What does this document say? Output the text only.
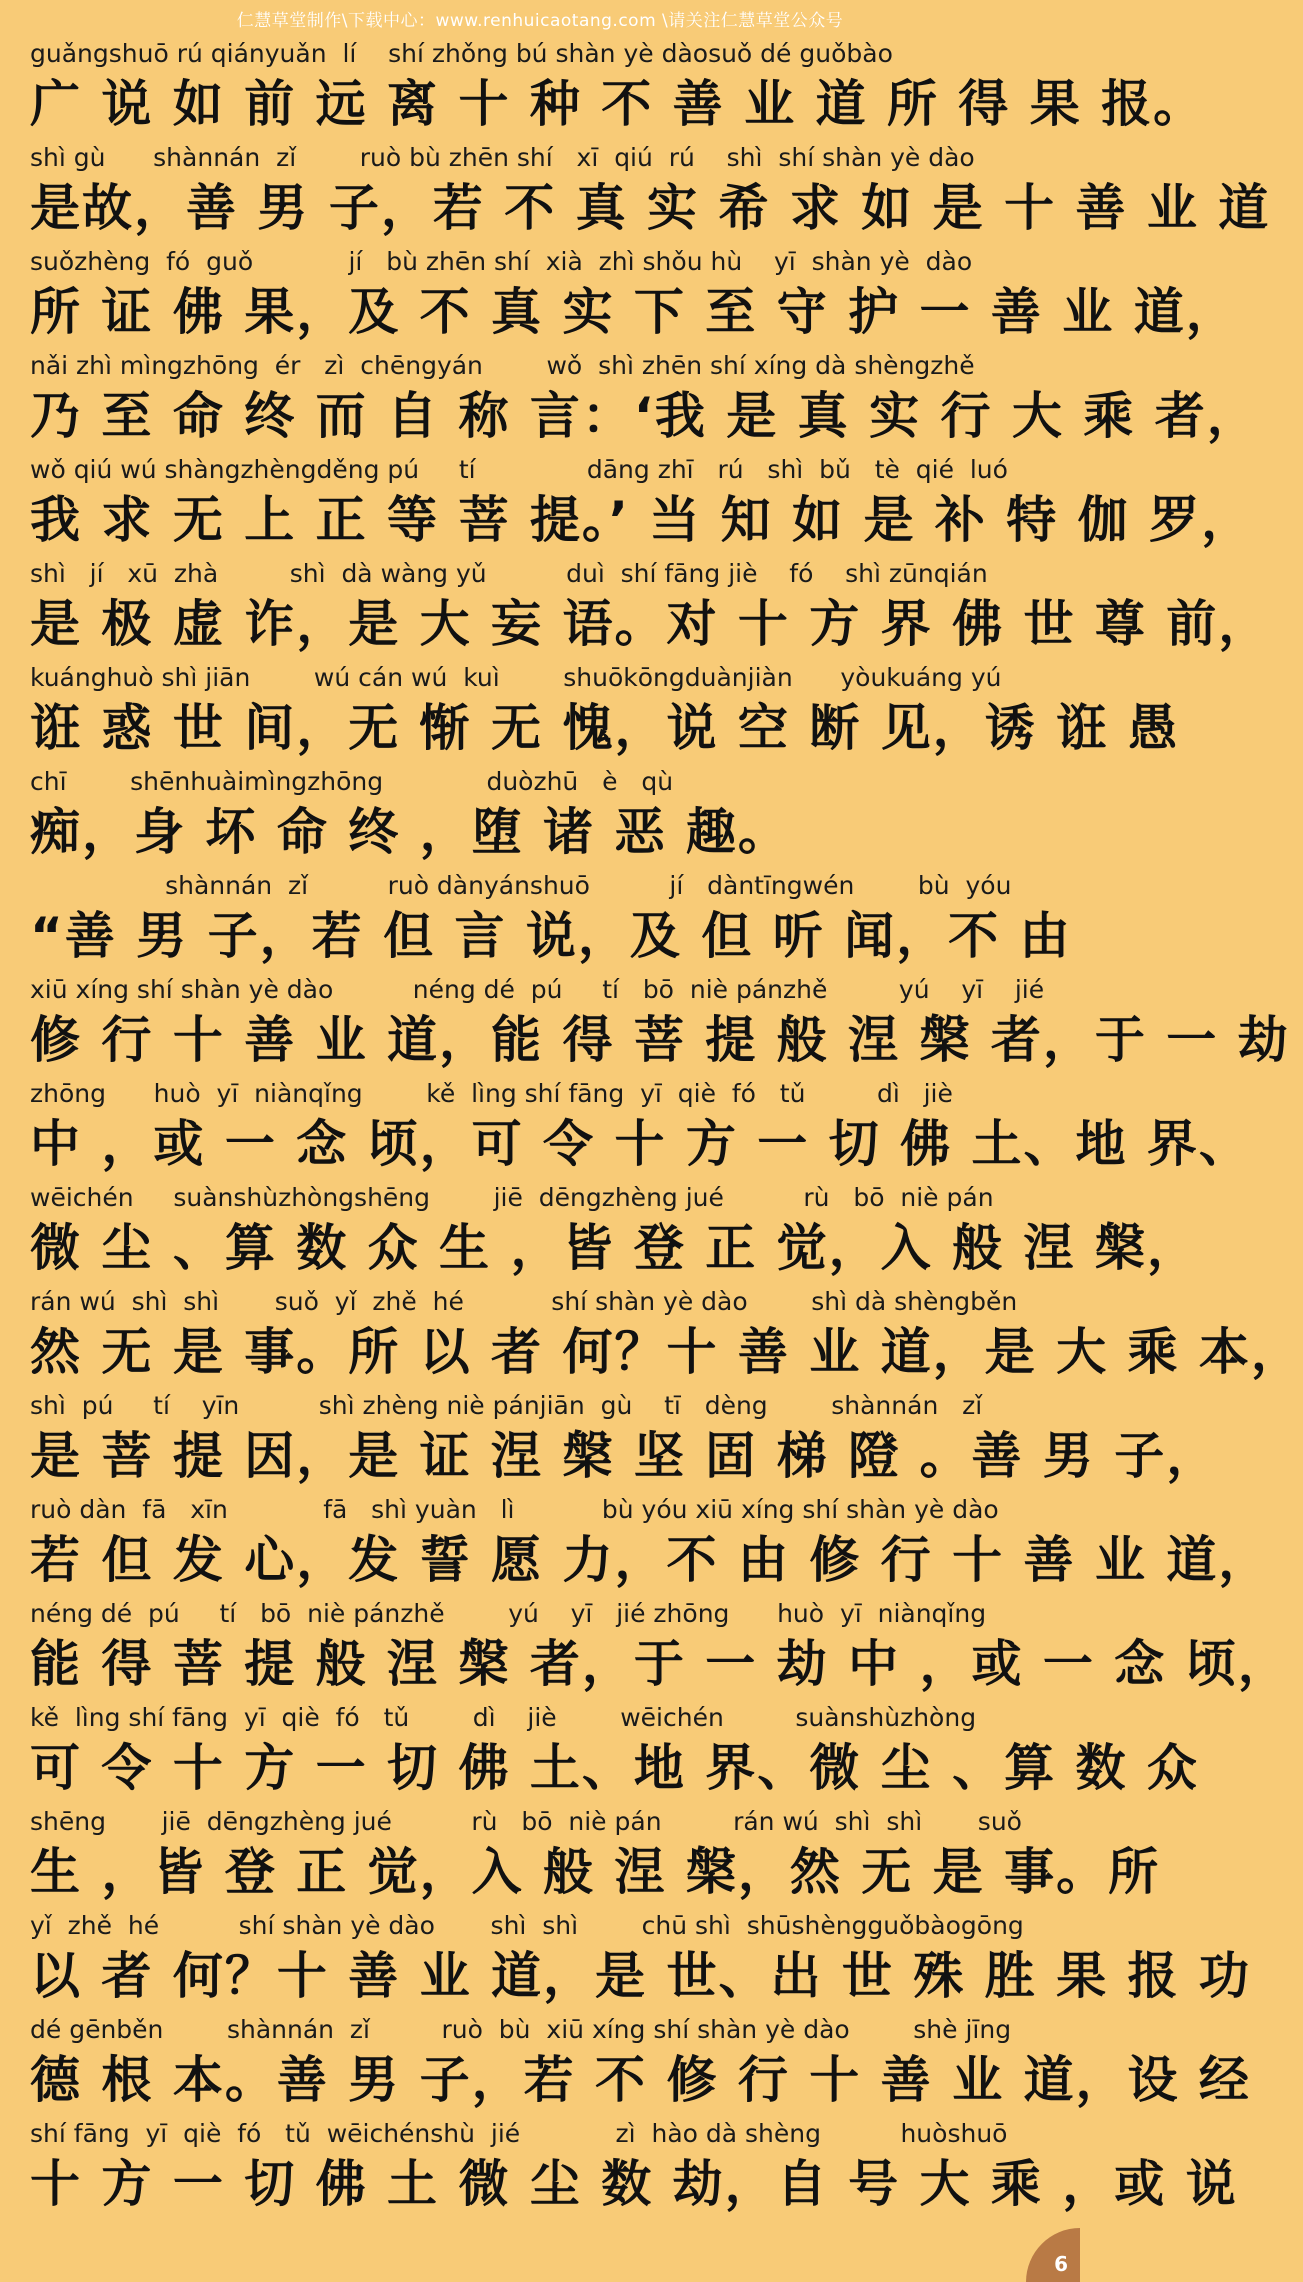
仁慧草堂制作\下载中心：www.renhuicaotang.com \请关注仁慧草堂公众号
guǎngshuō rú qiányuǎn  lí    shí zhǒng bú shàn yè dàosuǒ dé guǒbào
广 说 如 前 远 离 十 种 不 善 业 道 所 得 果 报。
shì gù      shànnán  zǐ        ruò bù zhēn shí   xī  qiú  rú    shì  shí shàn yè dào
是故，善 男 子，若 不 真 实 希 求 如 是 十 善 业 道
suǒzhèng  fó  guǒ            jí   bù zhēn shí  xià  zhì shǒu hù    yī  shàn yè  dào
所 证 佛 果，及 不 真 实 下 至 守 护 一 善 业 道，
nǎi zhì mìngzhōng  ér   zì  chēngyán        wǒ  shì zhēn shí xíng dà shèngzhě
乃 至 命 终 而 自 称 言：‘我 是 真 实 行 大 乘 者，
wǒ qiú wú shàngzhèngděng pú     tí              dāng zhī   rú   shì  bǔ   tè  qié  luó
我 求 无 上 正 等 菩 提。’ 当 知 如 是 补 特 伽 罗，
shì   jí   xū  zhà         shì  dà wàng yǔ          duì  shí fāng jiè    fó    shì zūnqián
是 极 虚 诈，是 大 妄 语。对 十 方 界 佛 世 尊 前，
kuánghuò shì jiān        wú cán wú  kuì        shuōkōngduànjiàn      yòukuáng yú
诳 惑 世 间，无 惭 无 愧，说 空 断 见，诱 诳 愚
chī        shēnhuàimìngzhōng             duòzhū   è   qù
痴，身 坏 命 终 ，堕 诸 恶 趣。
shànnán  zǐ          ruò dànyánshuō          jí   dàntīngwén        bù  yóu
“善 男 子，若 但 言 说，及 但 听 闻，不 由
xiū xíng shí shàn yè dào          néng dé  pú     tí   bō  niè pánzhě         yú    yī    jié
修 行 十 善 业 道，能 得 菩 提 般 涅 槃 者，于 一 劫
zhōng      huò  yī  niànqǐng        kě  lìng shí fāng  yī  qiè  fó   tǔ         dì   jiè
中 ，或 一 念 顷，可 令 十 方 一 切 佛 土、地 界、
wēichén     suànshùzhòngshēng        jiē  dēngzhèng jué          rù   bō  niè pán
微 尘 、算 数 众 生 ，皆 登 正 觉，入 般 涅 槃，
rán wú  shì  shì       suǒ  yǐ  zhě  hé           shí shàn yè dào        shì dà shèngběn
然 无 是 事。所 以 者 何？十 善 业 道，是 大 乘 本，
shì  pú     tí    yīn          shì zhèng niè pánjiān  gù    tī   dèng        shànnán   zǐ
是 菩 提 因，是 证 涅 槃 坚 固 梯 隥 。善 男 子，
ruò dàn  fā   xīn            fā   shì yuàn   lì           bù yóu xiū xíng shí shàn yè dào
若 但 发 心，发 誓 愿 力，不 由 修 行 十 善 业 道，
néng dé  pú     tí   bō  niè pánzhě        yú    yī   jié zhōng      huò  yī  niànqǐng
能 得 菩 提 般 涅 槃 者，于 一 劫 中 ，或 一 念 顷，
kě  lìng shí fāng  yī  qiè  fó   tǔ        dì    jiè        wēichén         suànshùzhòng
可 令 十 方 一 切 佛 土、地 界、微 尘 、算 数 众
shēng       jiē  dēngzhèng jué          rù   bō  niè pán         rán wú  shì  shì       suǒ
生 ，皆 登 正 觉，入 般 涅 槃，然 无 是 事。所
yǐ  zhě  hé          shí shàn yè dào       shì  shì        chū shì  shūshèngguǒbàogōng
以 者 何？十 善 业 道，是 世、出 世 殊 胜 果 报 功
dé gēnběn        shànnán  zǐ         ruò  bù  xiū xíng shí shàn yè dào        shè jīng
德 根 本。善 男 子，若 不 修 行 十 善 业 道，设 经
shí fāng  yī  qiè  fó   tǔ  wēichénshù  jié            zì  hào dà shèng          huòshuō
十 方 一 切 佛 土 微 尘 数 劫，自 号 大 乘 ，或 说
6
